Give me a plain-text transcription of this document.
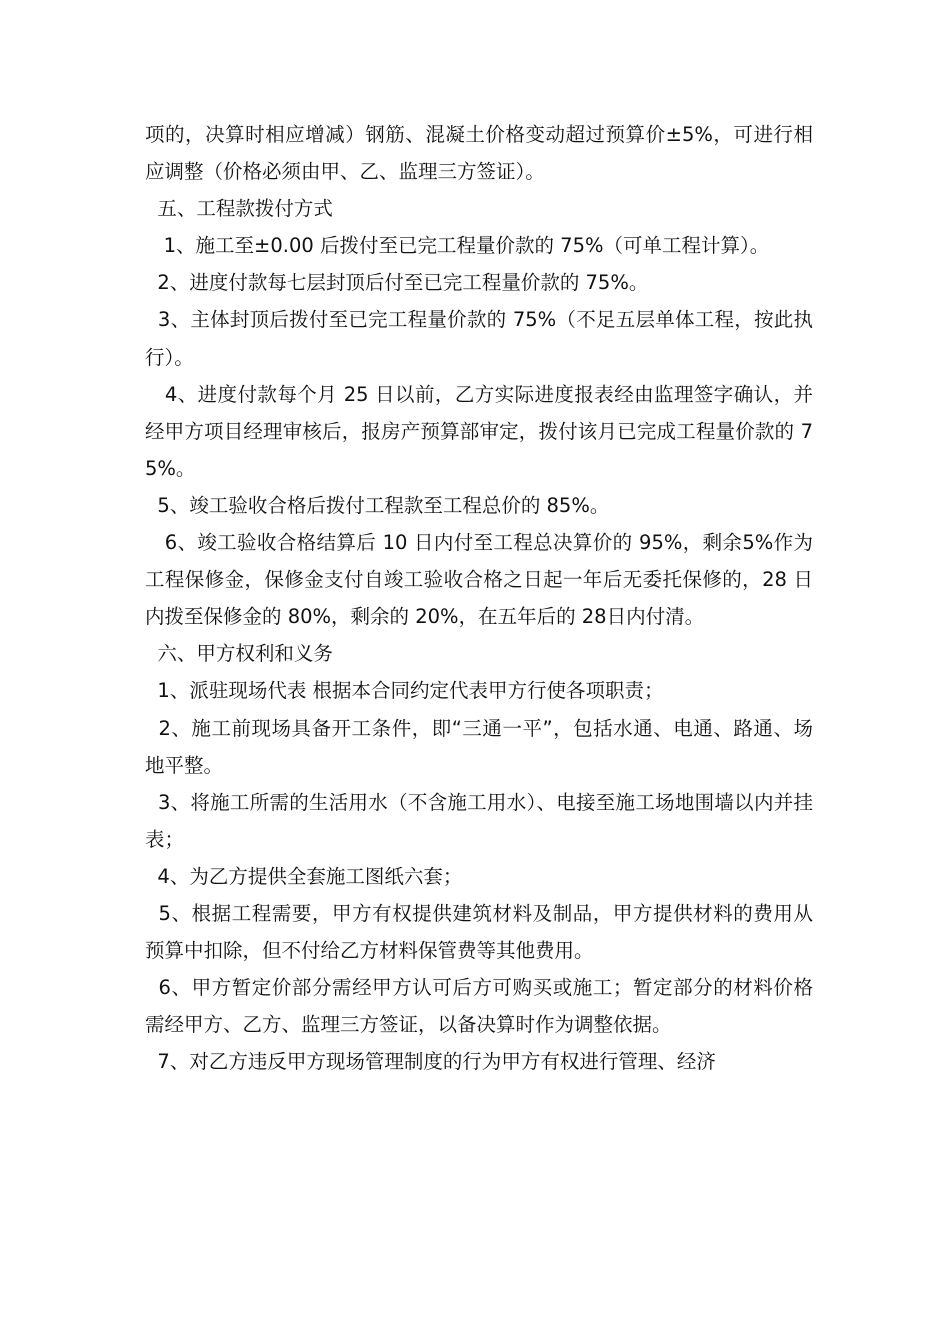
项的，决算时相应增减）钢筋、混凝土价格变动超过预算价±5%，可进行相应调整（价格必须由甲、乙、监理三方签证）。

五、工程款拨付方式

1、施工至±0.00 后拨付至已完工程量价款的 75%（可单工程计算）。

2、进度付款每七层封顶后付至已完工程量价款的 75%。

3、主体封顶后拨付至已完工程量价款的 75%（不足五层单体工程，按此执行）。

4、进度付款每个月 25 日以前，乙方实际进度报表经由监理签字确认，并经甲方项目经理审核后，报房产预算部审定，拨付该月已完成工程量价款的 75%。

5、竣工验收合格后拨付工程款至工程总价的 85%。

6、竣工验收合格结算后 10 日内付至工程总决算价的 95%，剩余5%作为工程保修金，保修金支付自竣工验收合格之日起一年后无委托保修的，28 日内拨至保修金的 80%，剩余的 20%，在五年后的 28日内付清。

六、甲方权利和义务

1、派驻现场代表 根据本合同约定代表甲方行使各项职责；

2、施工前现场具备开工条件，即“三通一平”，包括水通、电通、路通、场地平整。

3、将施工所需的生活用水（不含施工用水）、电接至施工场地围墙以内并挂表；

4、为乙方提供全套施工图纸六套；

5、根据工程需要，甲方有权提供建筑材料及制品，甲方提供材料的费用从预算中扣除，但不付给乙方材料保管费等其他费用。

6、甲方暂定价部分需经甲方认可后方可购买或施工；暂定部分的材料价格需经甲方、乙方、监理三方签证，以备决算时作为调整依据。

7、对乙方违反甲方现场管理制度的行为甲方有权进行管理、经济
